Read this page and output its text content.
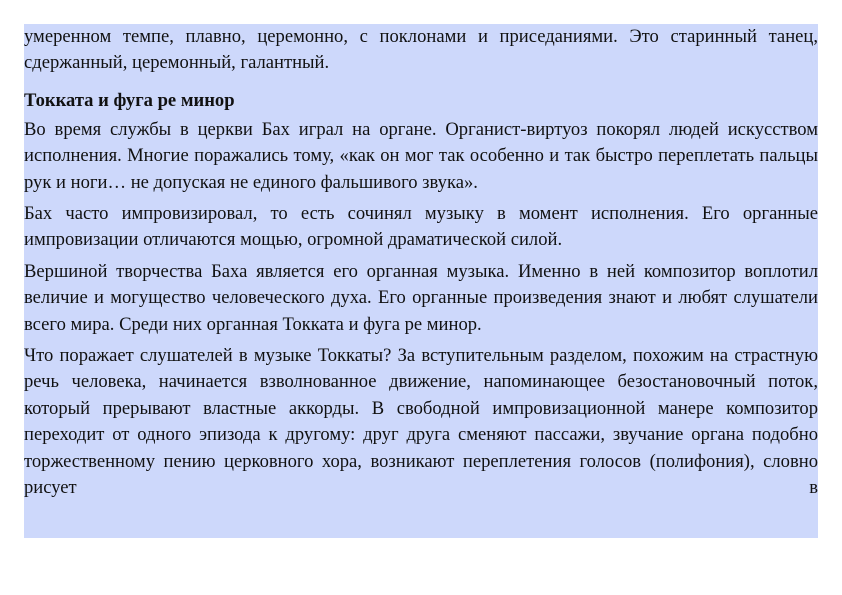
умеренном темпе, плавно, церемонно, с поклонами и приседаниями. Это старинный танец, сдержанный, церемонный, галантный.

Токката и фуга ре минор

Во время службы в церкви Бах играл на органе. Органист-виртуоз покорял людей искусством исполнения. Многие поражались тому, «как он мог так особенно и так быстро переплетать пальцы рук и ноги… не допуская не единого фальшивого звука».

Бах часто импровизировал, то есть сочинял музыку в момент исполнения. Его органные импровизации отличаются мощью, огромной драматической силой.

Вершиной творчества Баха является его органная музыка. Именно в ней композитор воплотил величие и могущество человеческого духа. Его органные произведения знают и любят слушатели всего мира. Среди них органная Токката и фуга ре минор.

Что поражает слушателей в музыке Токкаты? За вступительным разделом, похожим на страстную речь человека, начинается взволнованное движение, напоминающее безостановочный поток, который прерывают властные аккорды. В свободной импровизационной манере композитор переходит от одного эпизода к другому: друг друга сменяют пассажи, звучание органа подобно торжественному пению церковного хора, возникают переплетения голосов (полифония), словно рисует в
